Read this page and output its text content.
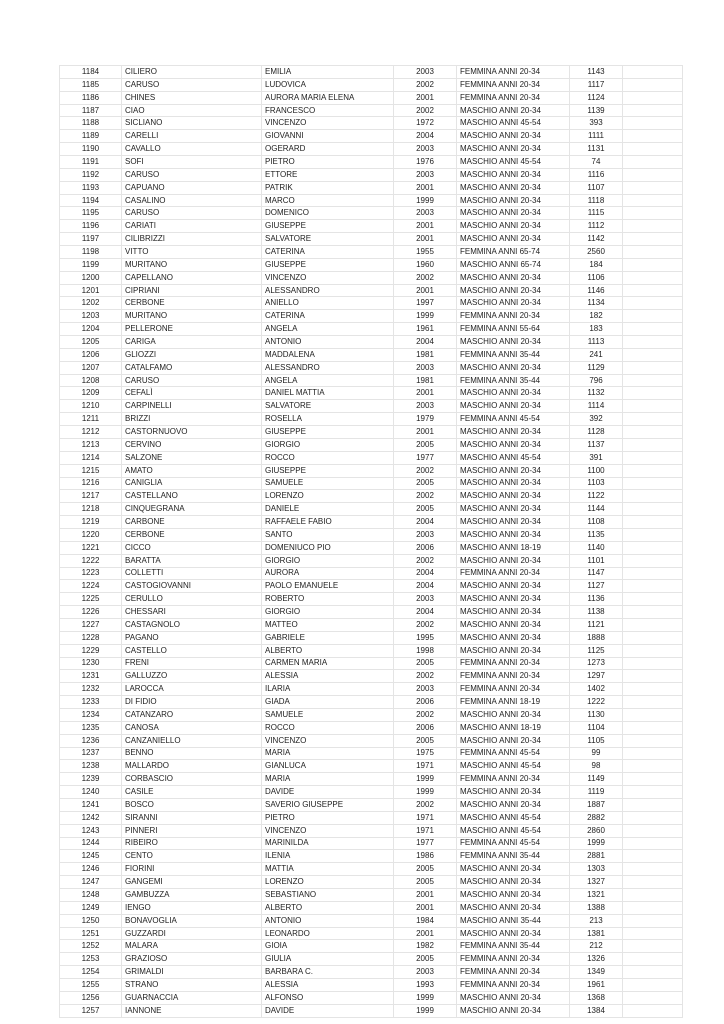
1184	CILIERO	EMILIA	2003	FEMMINA ANNI 20-34	1143	
1185	CARUSO	LUDOVICA	2002	FEMMINA ANNI 20-34	1117	
1186	CHINES	AURORA MARIA ELENA	2001	FEMMINA ANNI 20-34	1124	
1187	CIAO	FRANCESCO	2002	MASCHIO ANNI 20-34	1139	
1188	SICLIANO	VINCENZO	1972	MASCHIO ANNI 45-54	393	
1189	CARELLI	GIOVANNI	2004	MASCHIO ANNI 20-34	1111	
1190	CAVALLO	OGERARD	2003	MASCHIO ANNI 20-34	1131	
1191	SOFI	PIETRO	1976	MASCHIO ANNI 45-54	74	
1192	CARUSO	ETTORE	2003	MASCHIO ANNI 20-34	1116	
1193	CAPUANO	PATRIK	2001	MASCHIO ANNI 20-34	1107	
1194	CASALINO	MARCO	1999	MASCHIO ANNI 20-34	1118	
1195	CARUSO	DOMENICO	2003	MASCHIO ANNI 20-34	1115	
1196	CARIATI	GIUSEPPE	2001	MASCHIO ANNI 20-34	1112	
1197	CILIBRIZZI	SALVATORE	2001	MASCHIO ANNI 20-34	1142	
1198	VITTO	CATERINA	1955	FEMMINA ANNI 65-74	2560	
1199	MURITANO	GIUSEPPE	1960	MASCHIO ANNI 65-74	184	
1200	CAPELLANO	VINCENZO	2002	MASCHIO ANNI 20-34	1106	
1201	CIPRIANI	ALESSANDRO	2001	MASCHIO ANNI 20-34	1146	
1202	CERBONE	ANIELLO	1997	MASCHIO ANNI 20-34	1134	
1203	MURITANO	CATERINA	1999	FEMMINA ANNI 20-34	182	
1204	PELLERONE	ANGELA	1961	FEMMINA ANNI 55-64	183	
1205	CARIGA	ANTONIO	2004	MASCHIO ANNI 20-34	1113	
1206	GLIOZZI	MADDALENA	1981	FEMMINA ANNI 35-44	241	
1207	CATALFAMO	ALESSANDRO	2003	MASCHIO ANNI 20-34	1129	
1208	CARUSO	ANGELA	1981	FEMMINA ANNI 35-44	796	
1209	CEFALÌ	DANIEL MATTIA	2001	MASCHIO ANNI 20-34	1132	
1210	CARPINELLI	SALVATORE	2003	MASCHIO ANNI 20-34	1114	
1211	BRIZZI	ROSELLA	1979	FEMMINA ANNI 45-54	392	
1212	CASTORNUOVO	GIUSEPPE	2001	MASCHIO ANNI 20-34	1128	
1213	CERVINO	GIORGIO	2005	MASCHIO ANNI 20-34	1137	
1214	SALZONE	ROCCO	1977	MASCHIO ANNI 45-54	391	
1215	AMATO	GIUSEPPE	2002	MASCHIO ANNI 20-34	1100	
1216	CANIGLIA	SAMUELE	2005	MASCHIO ANNI 20-34	1103	
1217	CASTELLANO	LORENZO	2002	MASCHIO ANNI 20-34	1122	
1218	CINQUEGRANA	DANIELE	2005	MASCHIO ANNI 20-34	1144	
1219	CARBONE	RAFFAELE FABIO	2004	MASCHIO ANNI 20-34	1108	
1220	CERBONE	SANTO	2003	MASCHIO ANNI 20-34	1135	
1221	CICCO	DOMENIUCO PIO	2006	MASCHIO ANNI 18-19	1140	
1222	BARATTA	GIORGIO	2002	MASCHIO ANNI 20-34	1101	
1223	COLLETTI	AURORA	2004	FEMMINA ANNI 20-34	1147	
1224	CASTOGIOVANNI	PAOLO EMANUELE	2004	MASCHIO ANNI 20-34	1127	
1225	CERULLO	ROBERTO	2003	MASCHIO ANNI 20-34	1136	
1226	CHESSARI	GIORGIO	2004	MASCHIO ANNI 20-34	1138	
1227	CASTAGNOLO	MATTEO	2002	MASCHIO ANNI 20-34	1121	
1228	PAGANO	GABRIELE	1995	MASCHIO ANNI 20-34	1888	
1229	CASTELLO	ALBERTO	1998	MASCHIO ANNI 20-34	1125	
1230	FRENI	CARMEN MARIA	2005	FEMMINA ANNI 20-34	1273	
1231	GALLUZZO	ALESSIA	2002	FEMMINA ANNI 20-34	1297	
1232	LAROCCA	ILARIA	2003	FEMMINA ANNI 20-34	1402	
1233	DI FIDIO	GIADA	2006	FEMMINA ANNI 18-19	1222	
1234	CATANZARO	SAMUELE	2002	MASCHIO ANNI 20-34	1130	
1235	CANOSA	ROCCO	2006	MASCHIO ANNI 18-19	1104	
1236	CANZANIELLO	VINCENZO	2005	MASCHIO ANNI 20-34	1105	
1237	BENNO	MARIA	1975	FEMMINA ANNI 45-54	99	
1238	MALLARDO	GIANLUCA	1971	MASCHIO ANNI 45-54	98	
1239	CORBASCIO	MARIA	1999	FEMMINA ANNI 20-34	1149	
1240	CASILE	DAVIDE	1999	MASCHIO ANNI 20-34	1119	
1241	BOSCO	SAVERIO GIUSEPPE	2002	MASCHIO ANNI 20-34	1887	
1242	SIRANNI	PIETRO	1971	MASCHIO ANNI 45-54	2882	
1243	PINNERI	VINCENZO	1971	MASCHIO ANNI 45-54	2860	
1244	RIBEIRO	MARINILDA	1977	FEMMINA ANNI 45-54	1999	
1245	CENTO	ILENIA	1986	FEMMINA ANNI 35-44	2881	
1246	FIORINI	MATTIA	2005	MASCHIO ANNI 20-34	1303	
1247	GANGEMI	LORENZO	2005	MASCHIO ANNI 20-34	1327	
1248	GAMBUZZA	SEBASTIANO	2001	MASCHIO ANNI 20-34	1321	
1249	IENGO	ALBERTO	2001	MASCHIO ANNI 20-34	1388	
1250	BONAVOGLIA	ANTONIO	1984	MASCHIO ANNI 35-44	213	
1251	GUZZARDI	LEONARDO	2001	MASCHIO ANNI 20-34	1381	
1252	MALARA	GIOIA	1982	FEMMINA ANNI 35-44	212	
1253	GRAZIOSO	GIULIA	2005	FEMMINA ANNI 20-34	1326	
1254	GRIMALDI	BARBARA C.	2003	FEMMINA ANNI 20-34	1349	
1255	STRANO	ALESSIA	1993	FEMMINA ANNI 20-34	1961	
1256	GUARNACCIA	ALFONSO	1999	MASCHIO ANNI 20-34	1368	
1257	IANNONE	DAVIDE	1999	MASCHIO ANNI 20-34	1384	
